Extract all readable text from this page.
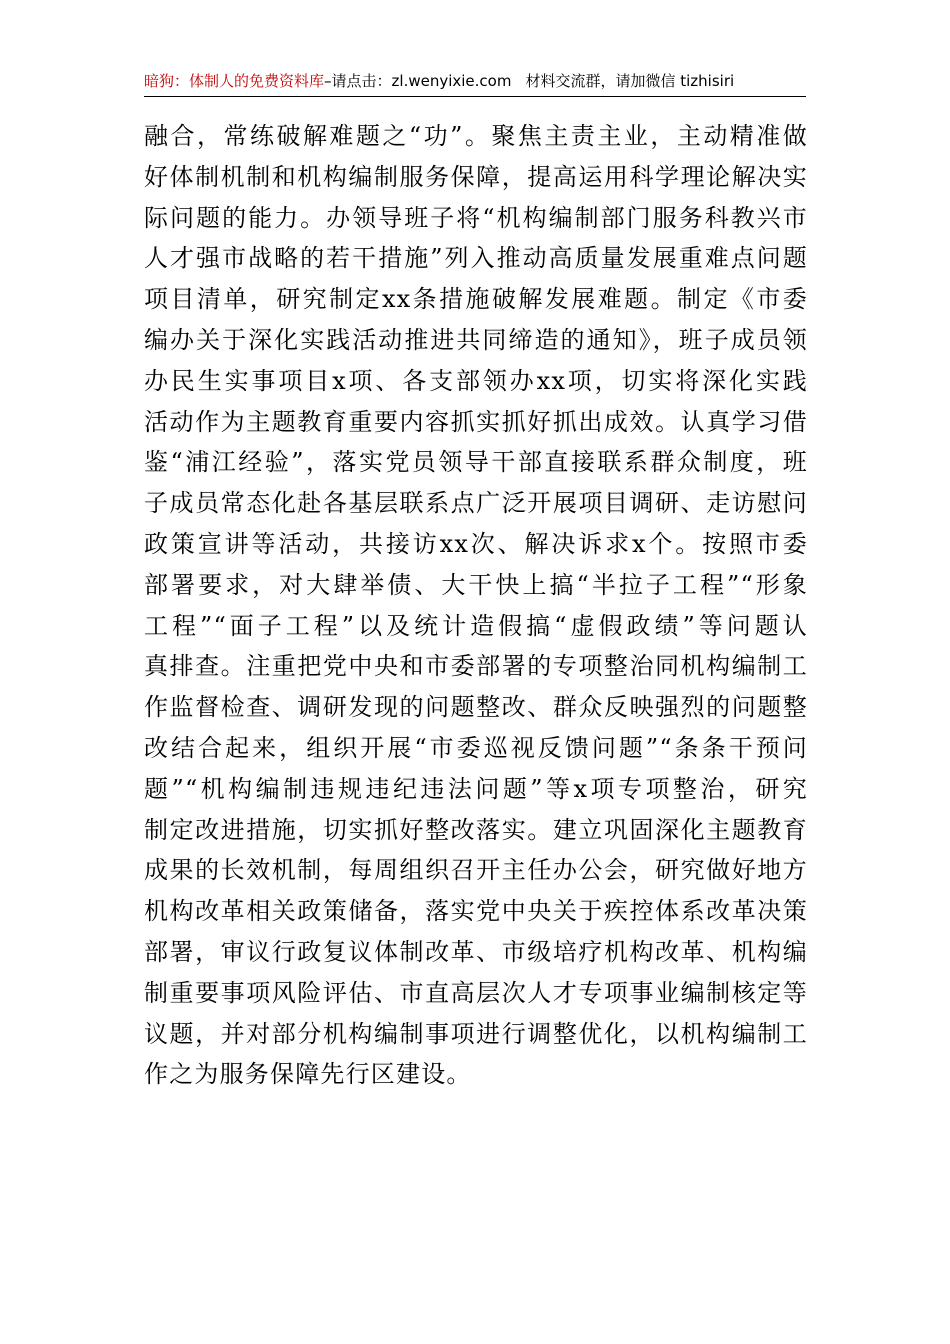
暗狗：体制人的免费资料库–请点击：zl.wenyixie.com 材料交流群，请加微信 tizhisiri
融合，常练破解难题之“功”。聚焦主责主业，主动精准做
好体制机制和机构编制服务保障，提高运用科学理论解决实
际问题的能力。办领导班子将“机构编制部门服务科教兴市
人才强市战略的若干措施”列入推动高质量发展重难点问题
项目清单，研究制定xx条措施破解发展难题。制定《市委
编办关于深化实践活动推进共同缔造的通知》，班子成员领
办民生实事项目x项、各支部领办xx项，切实将深化实践
活动作为主题教育重要内容抓实抓好抓出成效。认真学习借
鉴“浦江经验”，落实党员领导干部直接联系群众制度，班
子成员常态化赴各基层联系点广泛开展项目调研、走访慰问
政策宣讲等活动，共接访xx次、解决诉求x个。按照市委
部署要求，对大肆举债、大干快上搞“半拉子工程”“形象
工程”“面子工程”以及统计造假搞“虚假政绩”等问题认
真排查。注重把党中央和市委部署的专项整治同机构编制工
作监督检查、调研发现的问题整改、群众反映强烈的问题整
改结合起来，组织开展“市委巡视反馈问题”“条条干预问
题”“机构编制违规违纪违法问题”等x项专项整治，研究
制定改进措施，切实抓好整改落实。建立巩固深化主题教育
成果的长效机制，每周组织召开主任办公会，研究做好地方
机构改革相关政策储备，落实党中央关于疾控体系改革决策
部署，审议行政复议体制改革、市级培疗机构改革、机构编
制重要事项风险评估、市直高层次人才专项事业编制核定等
议题，并对部分机构编制事项进行调整优化，以机构编制工
作之为服务保障先行区建设。
